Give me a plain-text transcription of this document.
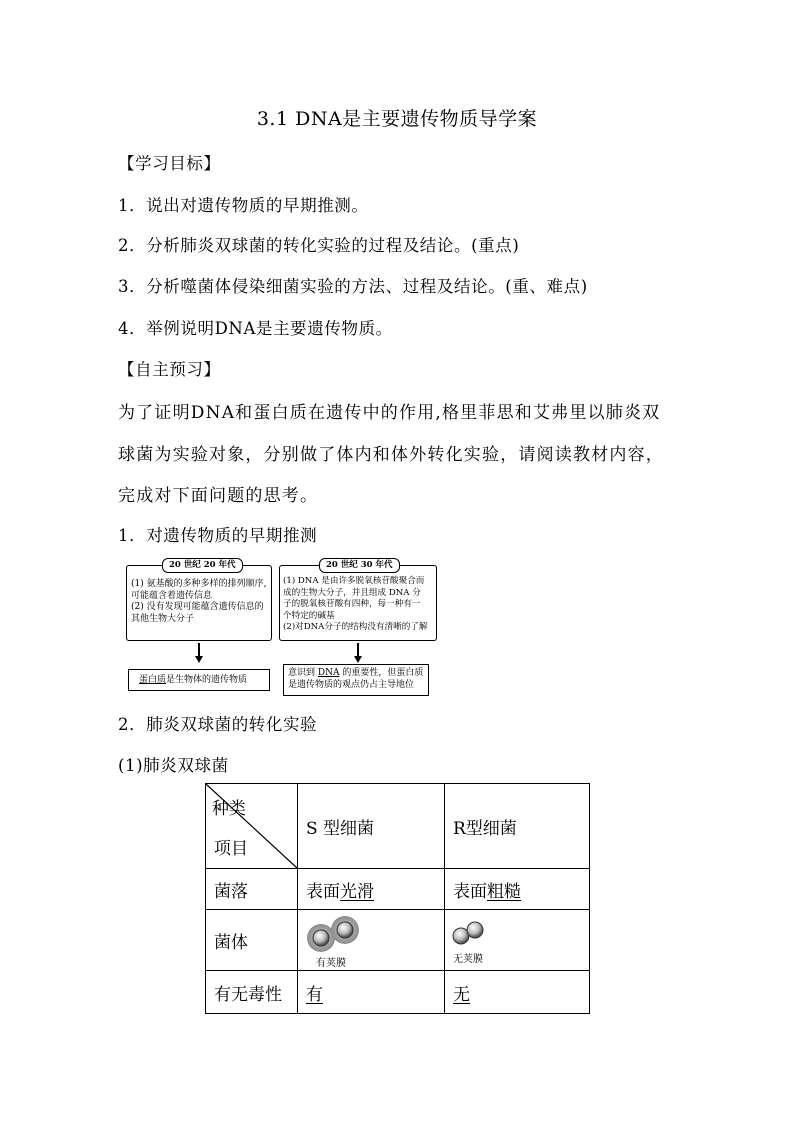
3.1 DNA是主要遗传物质导学案
【学习目标】
1．说出对遗传物质的早期推测。
2．分析肺炎双球菌的转化实验的过程及结论。(重点)
3．分析噬菌体侵染细菌实验的方法、过程及结论。(重、难点)
4．举例说明DNA是主要遗传物质。
【自主预习】
为了证明DNA和蛋白质在遗传中的作用,格里菲思和艾弗里以肺炎双
球菌为实验对象，分别做了体内和体外转化实验，请阅读教材内容，
完成对下面问题的思考。
1．对遗传物质的早期推测
(1) 氨基酸的多种多样的排列顺序,
可能蕴含着遗传信息
(2) 没有发现可能蕴含遗传信息的
其他生物大分子
20 世纪 20 年代
(1) DNA 是由许多脱氧核苷酸聚合而
成的生物大分子，并且组成 DNA 分
子的脱氧核苷酸有四种，每一种有一
个特定的碱基
(2)对DNA分子的结构没有清晰的了解
20 世纪 30 年代
蛋白质是生物体的遗传物质
意识到 DNA 的重要性，但蛋白质
是遗传物质的观点仍占主导地位
2．肺炎双球菌的转化实验
(1)肺炎双球菌
种类
项目	S 型细菌	R型细菌
菌落	表面光滑	表面粗糙
菌体	有荚膜	无荚膜

有无毒性	有	无
